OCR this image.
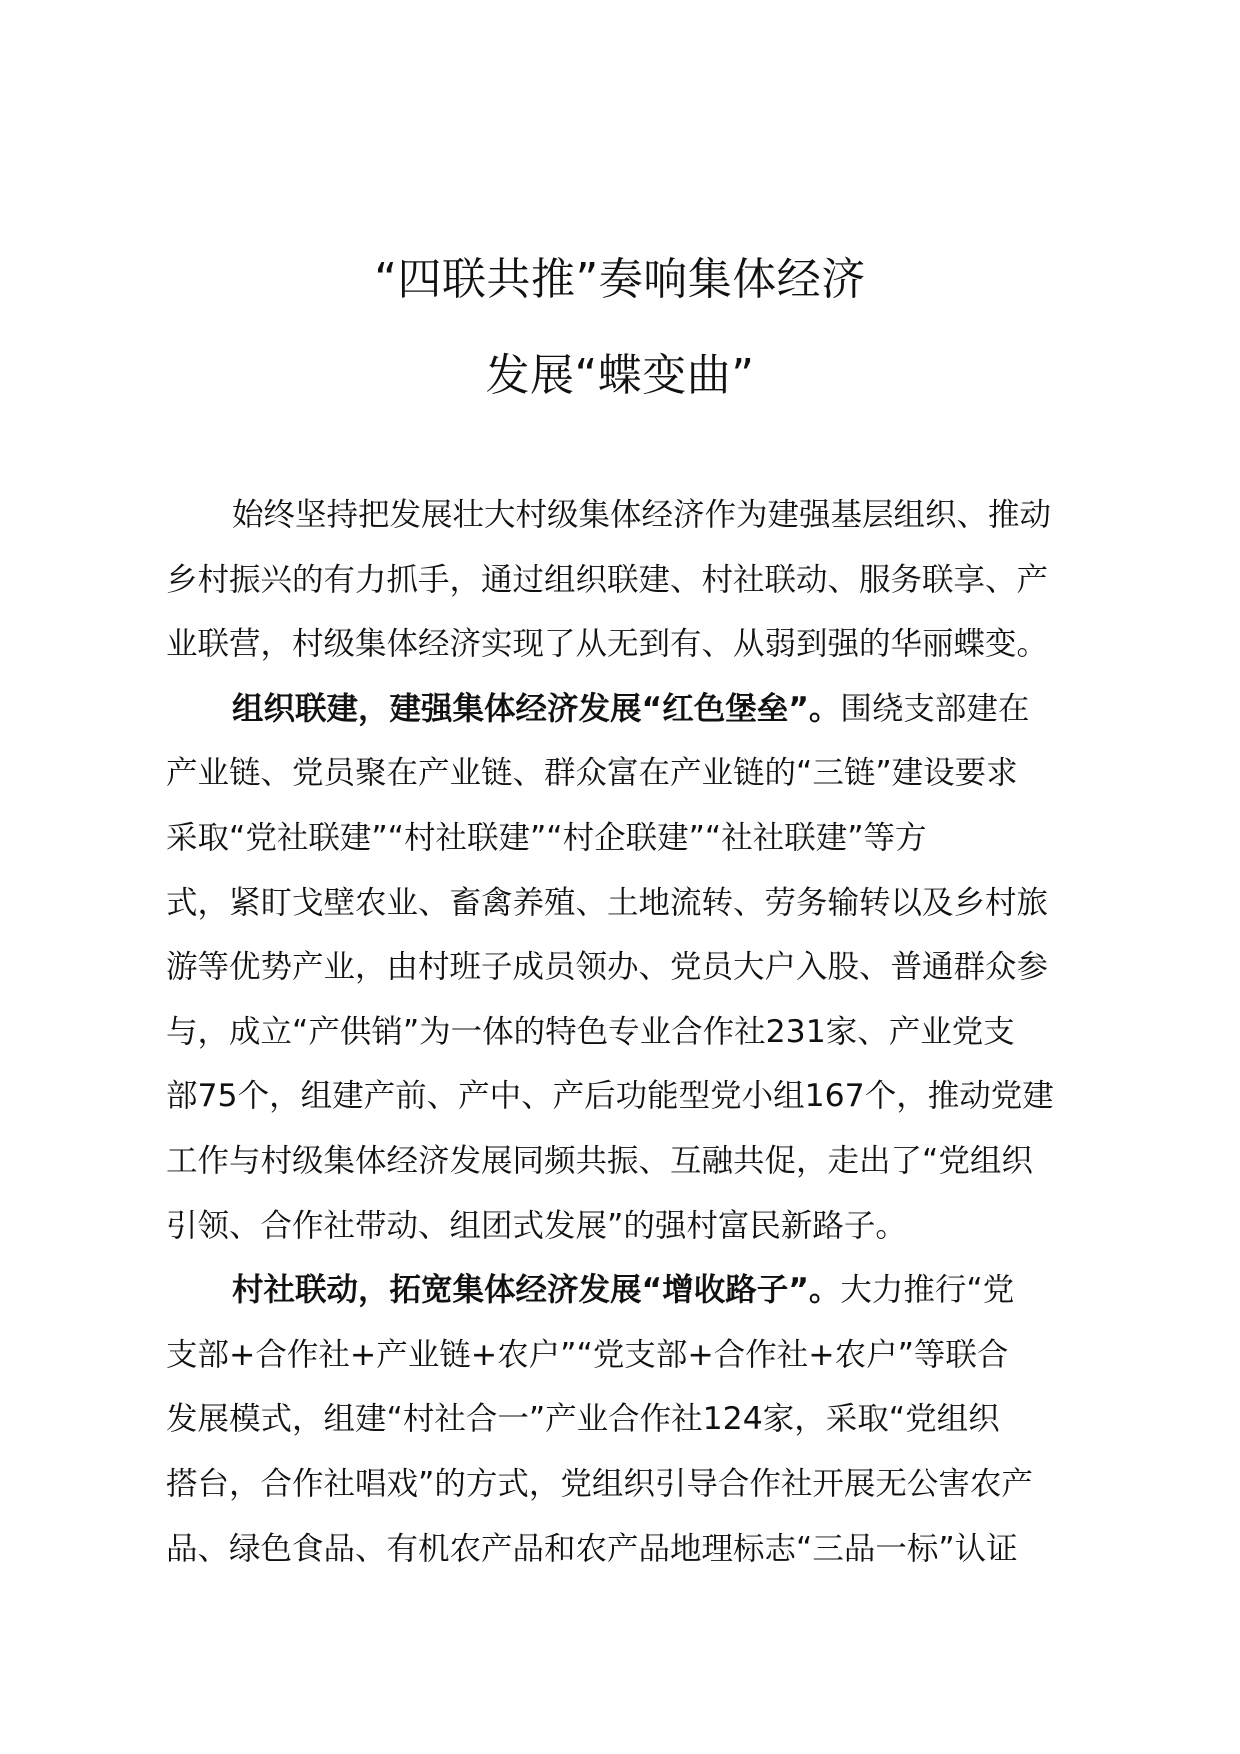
“四联共推”奏响集体经济
发展“蝶变曲”
始终坚持把发展壮大村级集体经济作为建强基层组织、推动
乡村振兴的有力抓手，通过组织联建、村社联动、服务联享、产
业联营，村级集体经济实现了从无到有、从弱到强的华丽蝶变。
组织联建，建强集体经济发展“红色堡垒”。围绕支部建在
产业链、党员聚在产业链、群众富在产业链的“三链”建设要求
采取“党社联建”“村社联建”“村企联建”“社社联建”等方
式，紧盯戈壁农业、畜禽养殖、土地流转、劳务输转以及乡村旅
游等优势产业，由村班子成员领办、党员大户入股、普通群众参
与，成立“产供销”为一体的特色专业合作社231家、产业党支
部75个，组建产前、产中、产后功能型党小组167个，推动党建
工作与村级集体经济发展同频共振、互融共促，走出了“党组织
引领、合作社带动、组团式发展”的强村富民新路子。
村社联动，拓宽集体经济发展“增收路子”。大力推行“党
支部+合作社+产业链+农户”“党支部+合作社+农户”等联合
发展模式，组建“村社合一”产业合作社124家，采取“党组织
搭台，合作社唱戏”的方式，党组织引导合作社开展无公害农产
品、绿色食品、有机农产品和农产品地理标志“三品一标”认证
